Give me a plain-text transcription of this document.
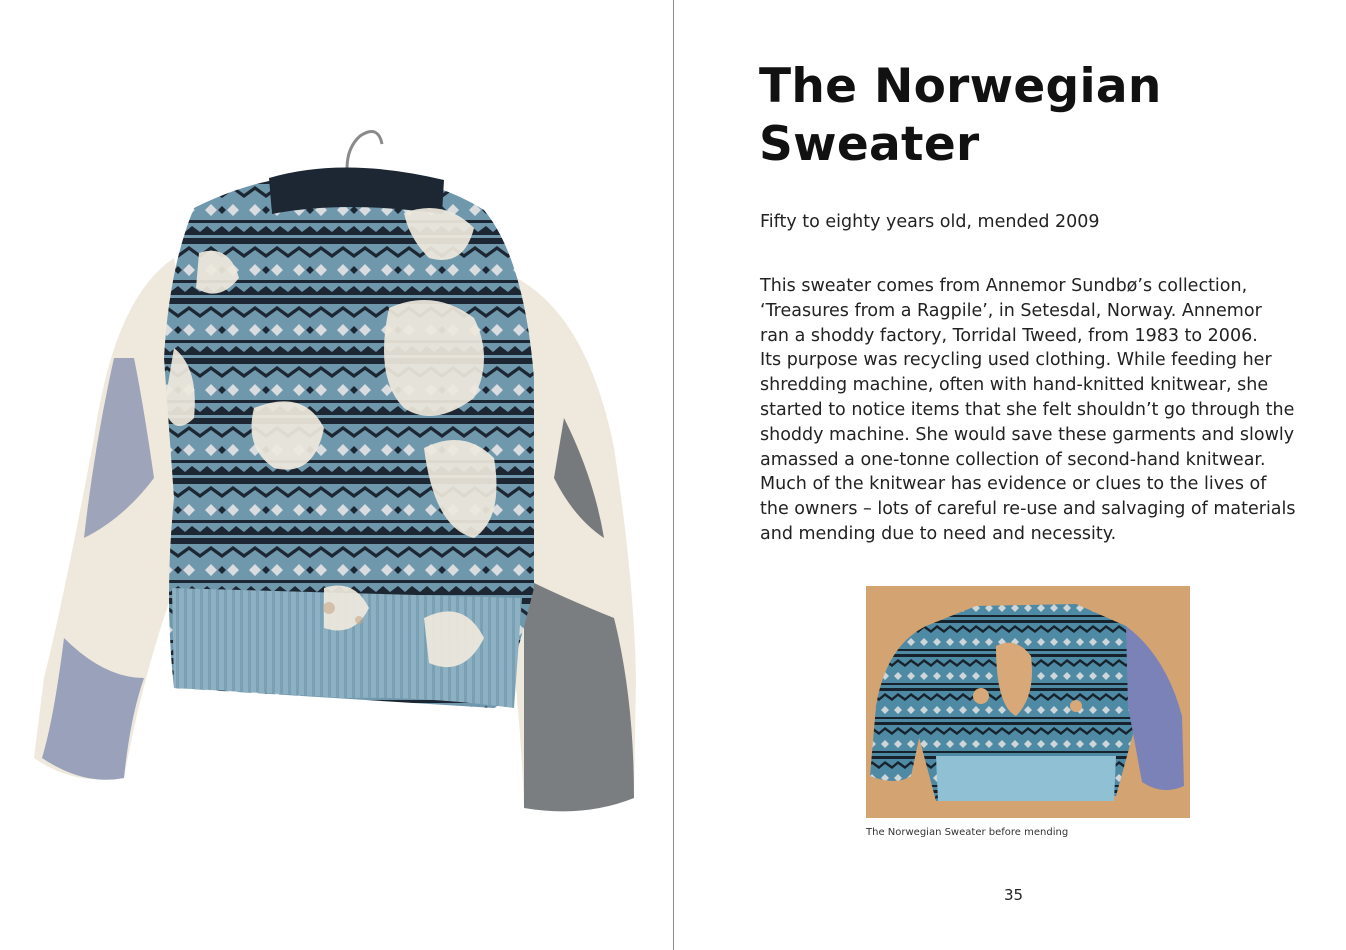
The Norwegian
Sweater
Fifty to eighty years old, mended 2009

This sweater comes from Annemor Sundbø’s collection,
‘Treasures from a Ragpile’, in Setesdal, Norway. Annemor
ran a shoddy factory, Torridal Tweed, from 1983 to 2006.
Its purpose was recycling used clothing. While feeding her
shredding machine, often with hand-knitted knitwear, she
started to notice items that she felt shouldn’t go through the
shoddy machine. She would save these garments and slowly
amassed a one-tonne collection of second-hand knitwear.
Much of the knitwear has evidence or clues to the lives of
the owners – lots of careful re-use and salvaging of materials
and mending due to need and necessity.

The Norwegian Sweater before mending
35
